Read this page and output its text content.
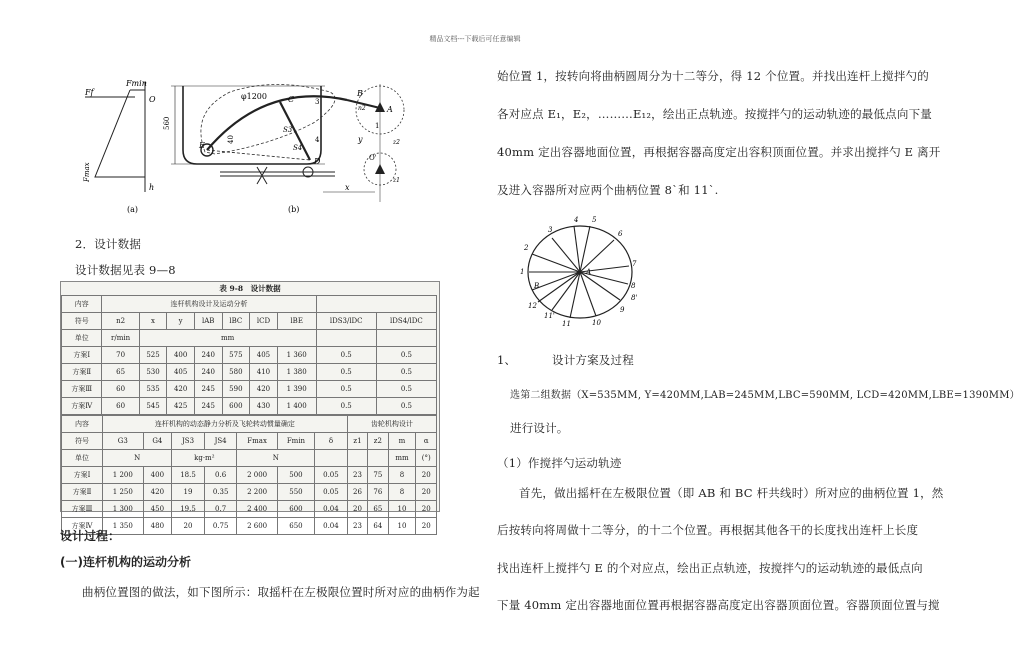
精品文档---下载后可任意编辑
Fmin
Ff
O
h
Fmax
560
φ1200
E
C
S3
S4
3
4
D
40
B
A
n2
1
O'
z2
z1
y
x
(a)	(b)
2．设计数据
设计数据见表 9—8
表 9-8　设计数据
内容	连杆机构设计及运动分析								
符号	n2	x	y	lAB	lBC	lCD	lBE	lDS3/lDC	lDS4/lDC
单位	r/min	mm							
方案Ⅰ	70	525	400	240	575	405	1 360	0.5	0.5
方案Ⅱ	65	530	405	240	580	410	1 380	0.5	0.5
方案Ⅲ	60	535	420	245	590	420	1 390	0.5	0.5
方案Ⅳ	60	545	425	245	600	430	1 400	0.5	0.5
内容	连杆机构的动态静力分析及飞轮转动惯量确定							齿轮机构设计			
符号	G3	G4	JS3	JS4	Fmax	Fmin	δ	z1	z2	m	α
单位	N		kg·m²		N					mm	(°)
方案Ⅰ	1 200	400	18.5	0.6	2 000	500	0.05	23	75	8	20
方案Ⅱ	1 250	420	19	0.35	2 200	550	0.05	26	76	8	20
方案Ⅲ	1 300	450	19.5	0.7	2 400	600	0.04	20	65	10	20
方案Ⅳ	1 350	480	20	0.75	2 600	650	0.04	23	64	10	20
设计过程：
(一)连杆机构的运动分析
曲柄位置图的做法，如下图所示：取摇杆在左极限位置时所对应的曲柄作为起
始位置 1，按转向将曲柄圆周分为十二等分，得 12 个位置。并找出连杆上搅拌勺的
各对应点 E₁，E₂，………E₁₂，绘出正点轨迹。按搅拌勺的运动轨迹的最低点向下量
40mm 定出容器地面位置，再根据容器高度定出容积顶面位置。并求出搅拌勺 E 离开
及进入容器所对应两个曲柄位置 8`和 11`.
4
3
2
1
B
A
5
6
7
8
8'
9
10
11
11'
12
1、	设计方案及过程
选第二组数据（X=535MM, Y=420MM,LAB=245MM,LBC=590MM, LCD=420MM,LBE=1390MM）
进行设计。
（1）作搅拌勺运动轨迹
首先，做出摇杆在左极限位置（即 AB 和 BC 杆共线时）所对应的曲柄位置 1，然
后按转向将周做十二等分，的十二个位置。再根据其他各干的长度找出连杆上长度
找出连杆上搅拌勺 E 的个对应点，绘出正点轨迹，按搅拌勺的运动轨迹的最低点向
下量 40mm 定出容器地面位置再根据容器高度定出容器顶面位置。容器顶面位置与搅
